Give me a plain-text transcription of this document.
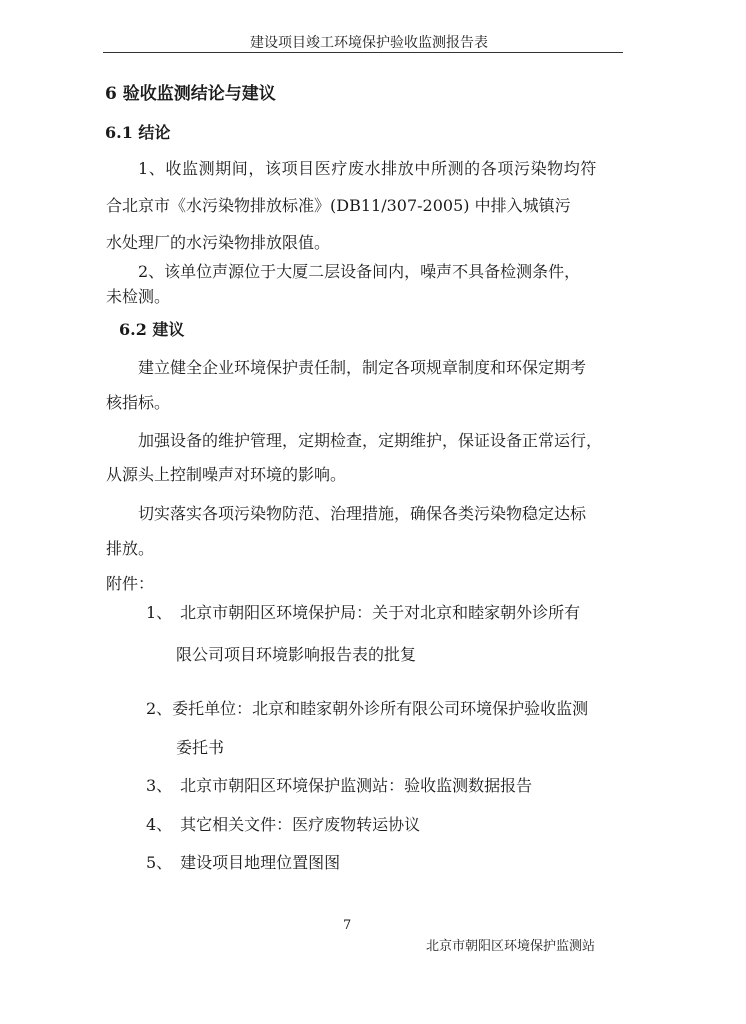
建设项目竣工环境保护验收监测报告表
6 验收监测结论与建议
6.1 结论
1、收监测期间，该项目医疗废水排放中所测的各项污染物均符
合北京市《水污染物排放标准》(DB11/307-2005) 中排入城镇污
水处理厂的水污染物排放限值。
2、该单位声源位于大厦二层设备间内，噪声不具备检测条件，
未检测。
6.2 建议
建立健全企业环境保护责任制，制定各项规章制度和环保定期考
核指标。
加强设备的维护管理，定期检查，定期维护，保证设备正常运行，
从源头上控制噪声对环境的影响。
切实落实各项污染物防范、治理措施，确保各类污染物稳定达标
排放。
附件：
1、　北京市朝阳区环境保护局：关于对北京和睦家朝外诊所有
限公司项目环境影响报告表的批复
2、委托单位：北京和睦家朝外诊所有限公司环境保护验收监测
委托书
3、　北京市朝阳区环境保护监测站：验收监测数据报告
4、　其它相关文件：医疗废物转运协议
5、　建设项目地理位置图图
7
北京市朝阳区环境保护监测站
